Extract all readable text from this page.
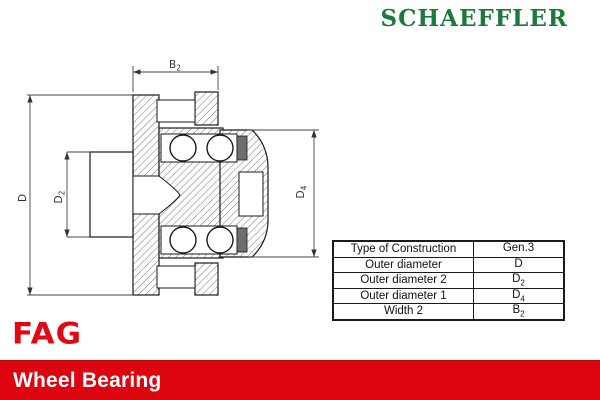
SCHAEFFLER
$B_2$
D $D_2$	$D_4$
Type of Construction	Gen.3
Outer diameter	D
Outer diameter 2	$D_2$
Outer diameter 1	$D_4$
Width 2	$B_2$
FAG
Wheel Bearing
